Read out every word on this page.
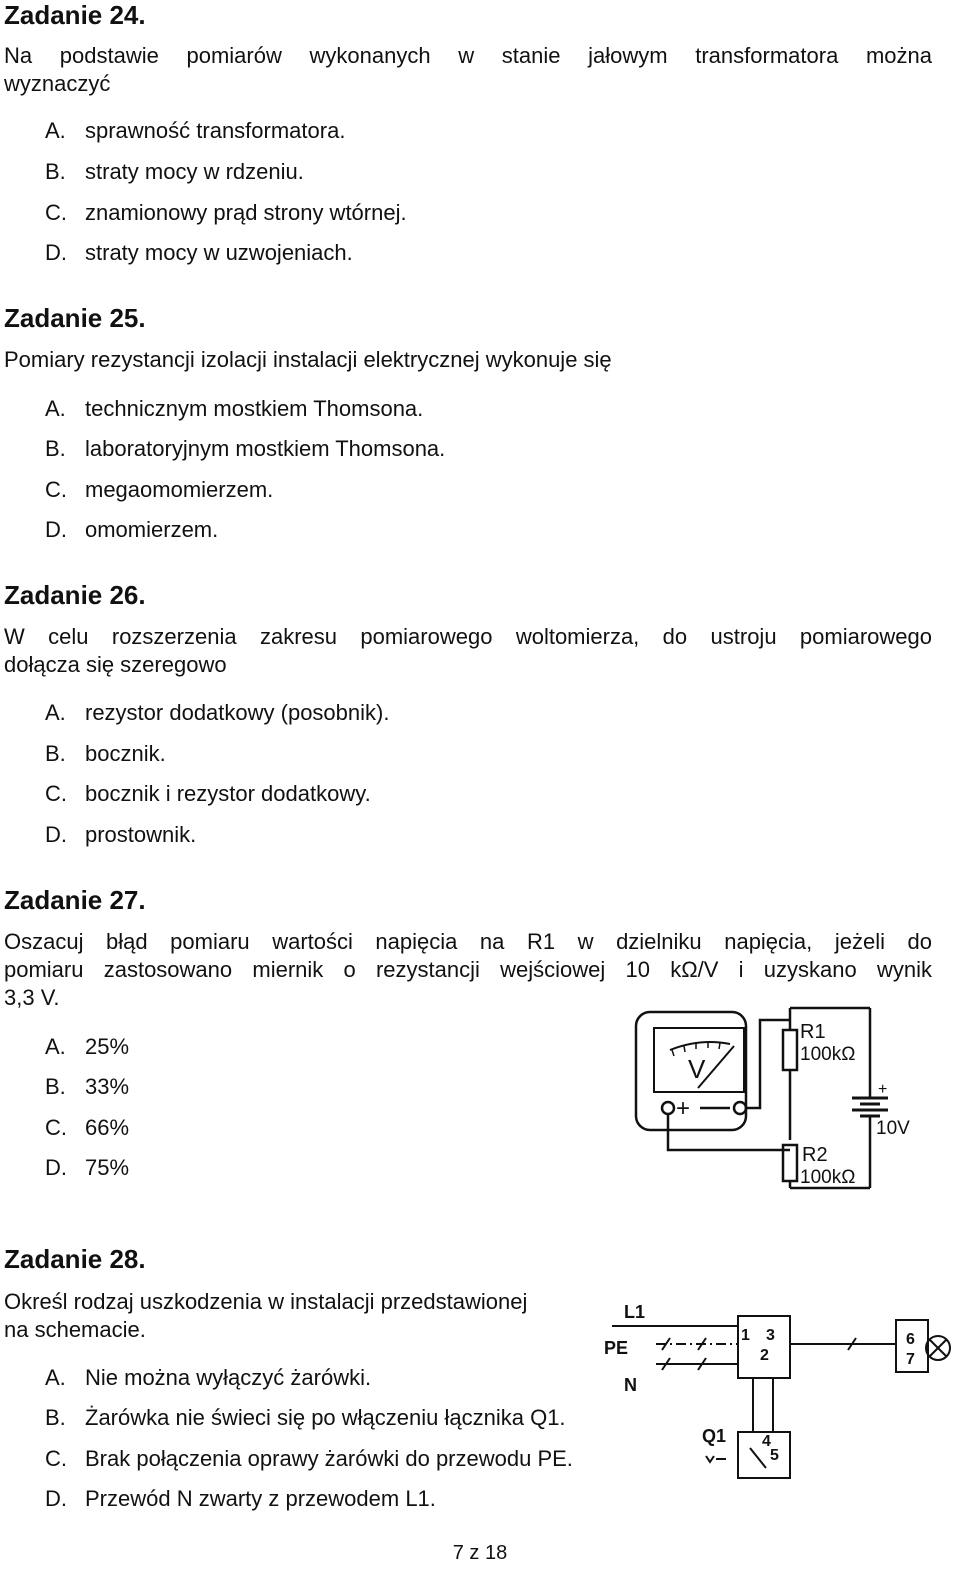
Zadanie 24.
Na podstawie pomiarów wykonanych w stanie jałowym transformatora można
wyznaczyć
A. sprawność transformatora.
B. straty mocy w rdzeniu.
C. znamionowy prąd strony wtórnej.
D. straty mocy w uzwojeniach.
Zadanie 25.
Pomiary rezystancji izolacji instalacji elektrycznej wykonuje się
A. technicznym mostkiem Thomsona.
B. laboratoryjnym mostkiem Thomsona.
C. megaomomierzem.
D. omomierzem.
Zadanie 26.
W celu rozszerzenia zakresu pomiarowego woltomierza, do ustroju pomiarowego
dołącza się szeregowo
A. rezystor dodatkowy (posobnik).
B. bocznik.
C. bocznik i rezystor dodatkowy.
D. prostownik.
Zadanie 27.
Oszacuj błąd pomiaru wartości napięcia na R1 w dzielniku napięcia, jeżeli do
pomiaru zastosowano miernik o rezystancji wejściowej 10 kΩ/V i uzyskano wynik
3,3 V.
A. 25%
B. 33%
C. 66%
D. 75%
V
+
R1
100kΩ
R2
100kΩ
+
10V
Zadanie 28.
Określ rodzaj uszkodzenia w instalacji przedstawionej
na schemacie.
A. Nie można wyłączyć żarówki.
B. Żarówka nie świeci się po włączeniu łącznika Q1.
C. Brak połączenia oprawy żarówki do przewodu PE.
D. Przewód N zwarty z przewodem L1.
L1
PE
N
1 3
2
4
5
Q1
6
7
7 z 18
